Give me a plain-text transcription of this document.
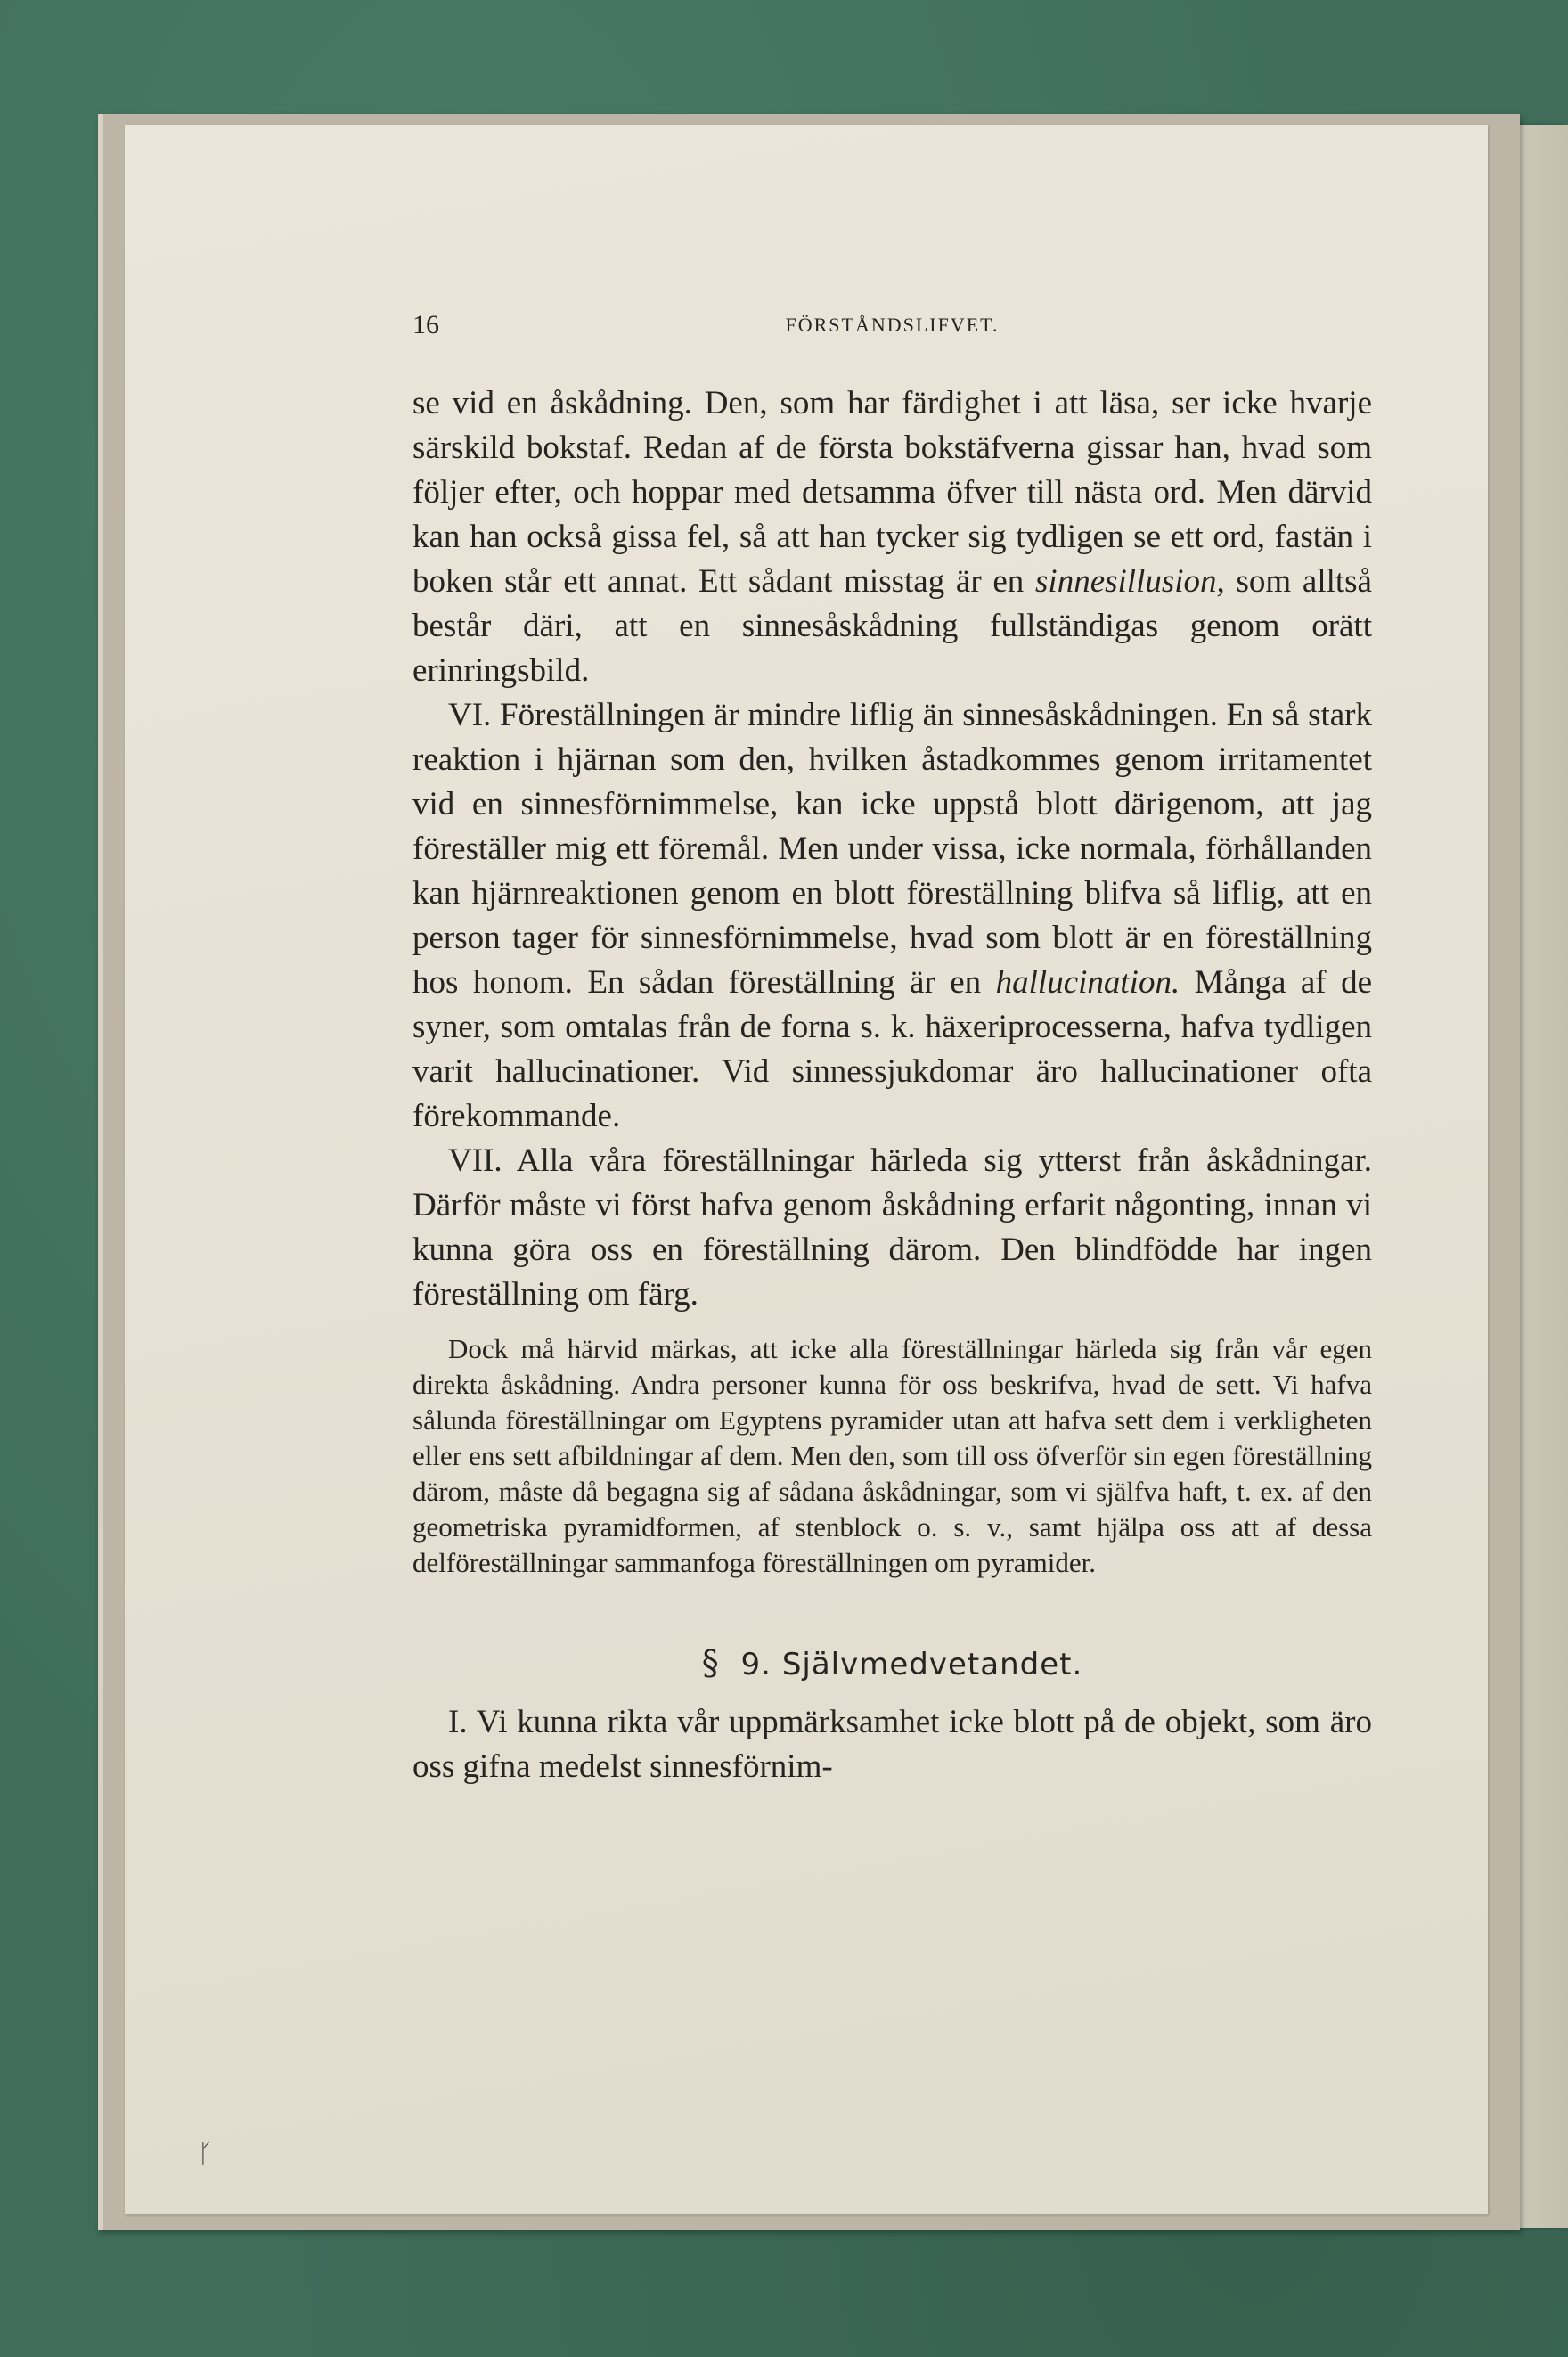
16	FÖRSTÅNDSLIFVET.

se vid en åskådning. Den, som har färdighet i att läsa, ser icke hvarje särskild bokstaf. Redan af de första bokstäfverna gissar han, hvad som följer efter, och hoppar med detsamma öfver till nästa ord. Men därvid kan han också gissa fel, så att han tycker sig tydligen se ett ord, fastän i boken står ett annat. Ett sådant misstag är en sinnesillusion, som alltså består däri, att en sinnesåskådning fullständigas genom orätt erinringsbild.

VI. Föreställningen är mindre liflig än sinnesåskådningen. En så stark reaktion i hjärnan som den, hvilken åstadkommes genom irritamentet vid en sinnesförnimmelse, kan icke uppstå blott därigenom, att jag föreställer mig ett föremål. Men under vissa, icke normala, förhållanden kan hjärnreaktionen genom en blott föreställning blifva så liflig, att en person tager för sinnesförnimmelse, hvad som blott är en föreställning hos honom. En sådan föreställning är en hallucination. Många af de syner, som omtalas från de forna s. k. häxeriprocesserna, hafva tydligen varit hallucinationer. Vid sinnessjukdomar äro hallucinationer ofta förekommande.

VII. Alla våra föreställningar härleda sig ytterst från åskådningar. Därför måste vi först hafva genom åskådning erfarit någonting, innan vi kunna göra oss en föreställning därom. Den blindfödde har ingen föreställning om färg.

Dock må härvid märkas, att icke alla föreställningar härleda sig från vår egen direkta åskådning. Andra personer kunna för oss beskrifva, hvad de sett. Vi hafva sålunda föreställningar om Egyptens pyramider utan att hafva sett dem i verkligheten eller ens sett afbildningar af dem. Men den, som till oss öfverför sin egen föreställning därom, måste då begagna sig af sådana åskådningar, som vi själfva haft, t. ex. af den geometriska pyramidformen, af stenblock o. s. v., samt hjälpa oss att af dessa delföreställningar sammanfoga föreställningen om pyramider.

§ 9. Självmedvetandet.

I. Vi kunna rikta vår uppmärksamhet icke blott på de objekt, som äro oss gifna medelst sinnesförnim-

ᚴ
